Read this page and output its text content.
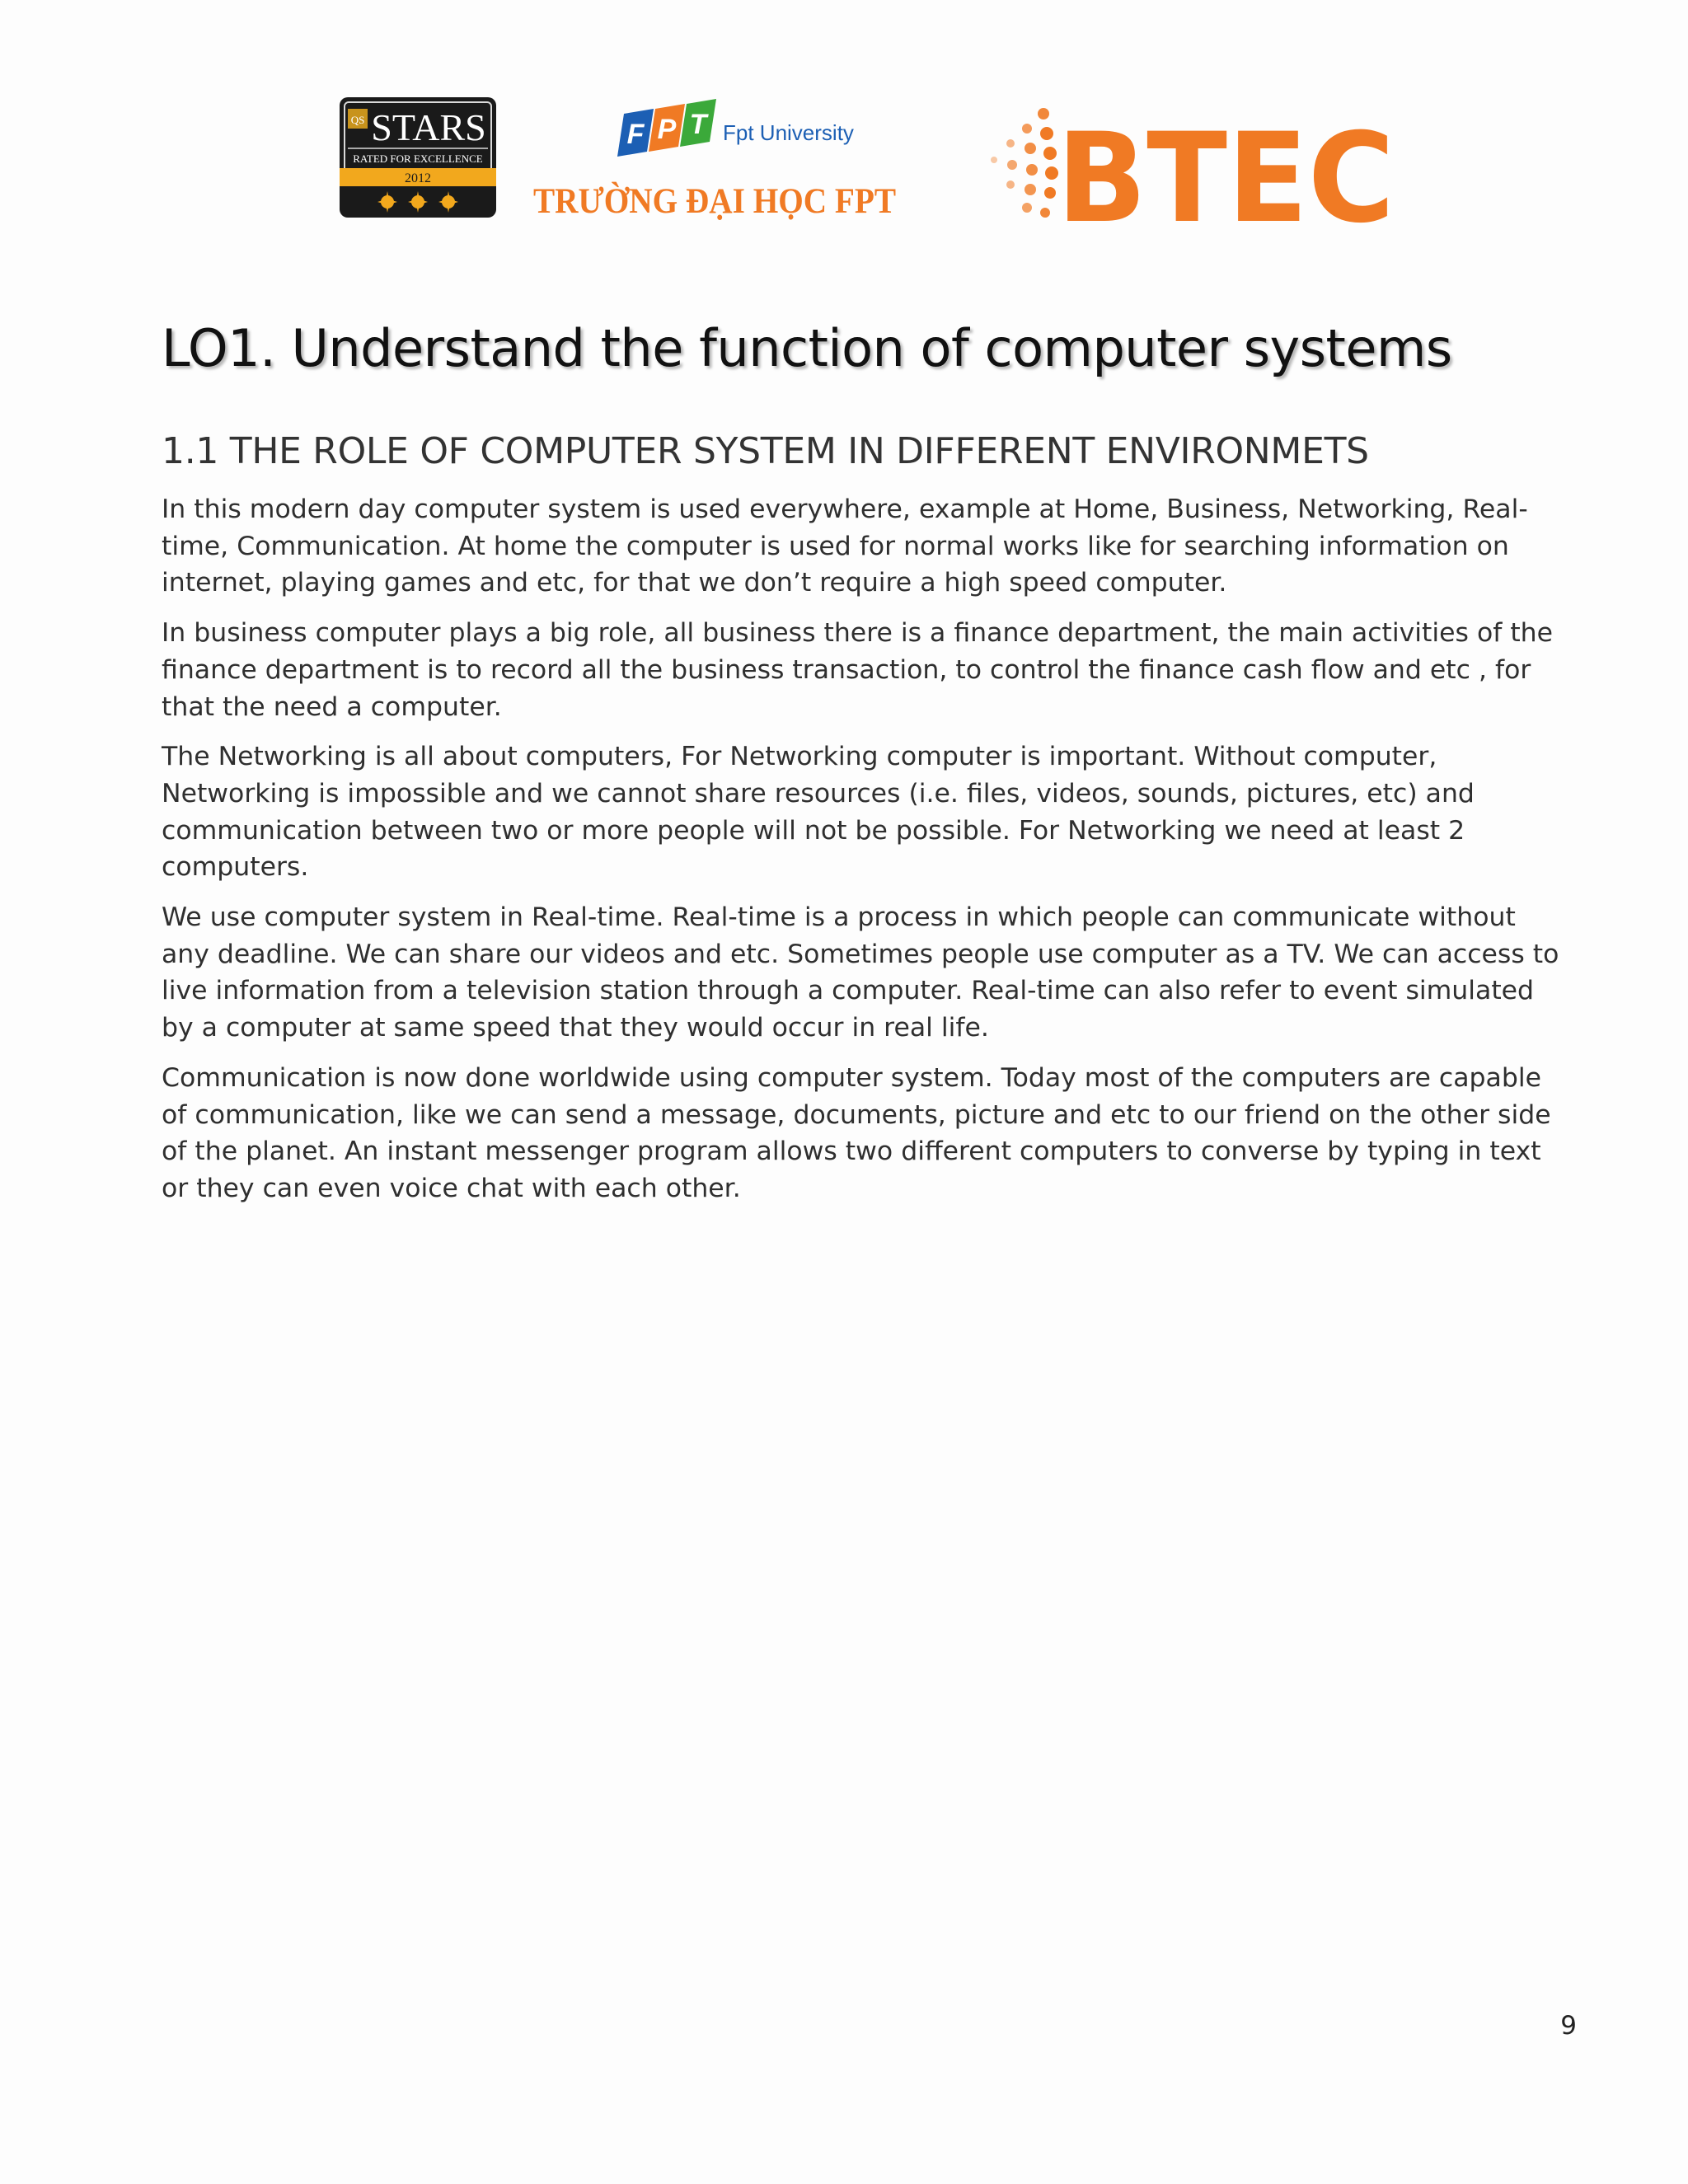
QS STARS
RATED FOR EXCELLENCE
2012
F P T Fpt University
TRƯỜNG ĐẠI HỌC FPT BTEC
LO1. Understand the function of computer systems
1.1 THE ROLE OF COMPUTER SYSTEM IN DIFFERENT ENVIRONMETS

In this modern day computer system is used everywhere, example at Home, Business, Networking, Real-time, Communication. At home the computer is used for normal works like for searching information on internet, playing games and etc, for that we don’t require a high speed computer.

In business computer plays a big role, all business there is a finance department, the main activities of the finance department is to record all the business transaction, to control the finance cash flow and etc , for that the need a computer.

The Networking is all about computers, For Networking computer is important. Without computer, Networking is impossible and we cannot share resources (i.e. files, videos, sounds, pictures, etc) and communication between two or more people will not be possible. For Networking we need at least 2 computers.

We use computer system in Real-time. Real-time is a process in which people can communicate without any deadline. We can share our videos and etc. Sometimes people use computer as a TV. We can access to live information from a television station through a computer. Real-time can also refer to event simulated by a computer at same speed that they would occur in real life.

Communication is now done worldwide using computer system. Today most of the computers are capable of communication, like we can send a message, documents, picture and etc to our friend on the other side of the planet. An instant messenger program allows two different computers to converse by typing in text or they can even voice chat with each other.

9
